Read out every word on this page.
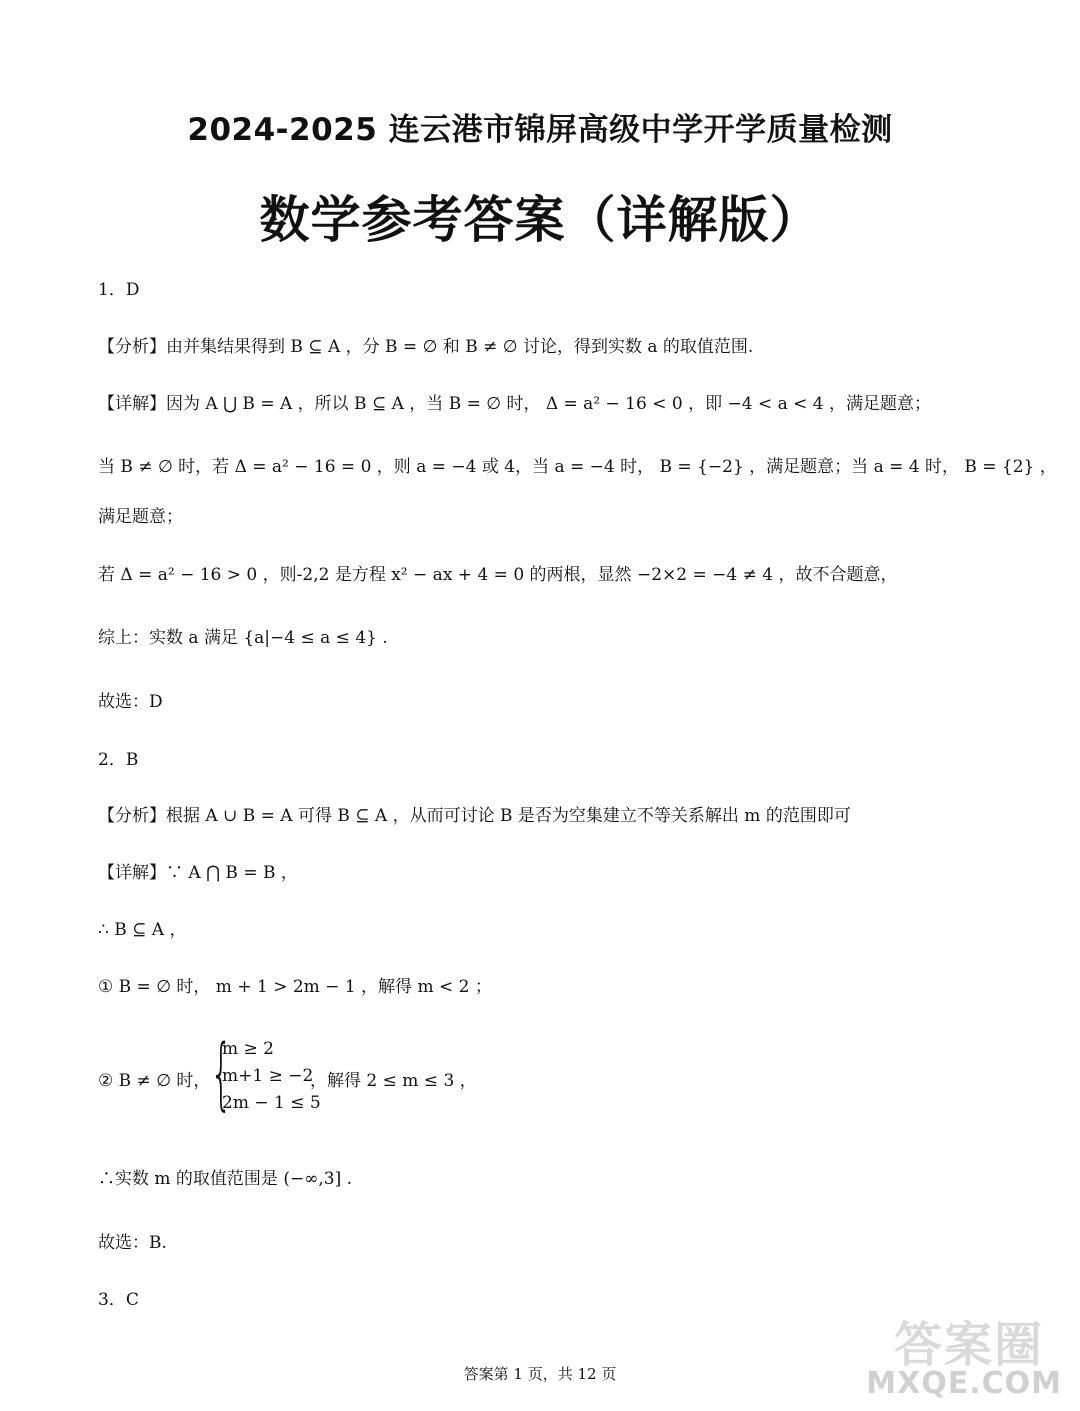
2024-2025 连云港市锦屏高级中学开学质量检测
数学参考答案（详解版）
1．D
【分析】由并集结果得到 B ⊆ A ，分 B = ∅ 和 B ≠ ∅ 讨论，得到实数 a 的取值范围.
【详解】因为 A ⋃ B = A ，所以 B ⊆ A ，当 B = ∅ 时， Δ = a² − 16 < 0 ，即 −4 < a < 4 ，满足题意；
当 B ≠ ∅ 时，若 Δ = a² − 16 = 0 ，则 a = −4 或 4，当 a = −4 时， B = {−2} ，满足题意；当 a = 4 时， B = {2} ，
满足题意；
若 Δ = a² − 16 > 0 ，则-2,2 是方程 x² − ax + 4 = 0 的两根，显然 −2×2 = −4 ≠ 4 ，故不合题意，
综上：实数 a 满足 {a|−4 ≤ a ≤ 4} .
故选：D
2．B
【分析】根据 A ∪ B = A 可得 B ⊆ A ，从而可讨论 B 是否为空集建立不等关系解出 m 的范围即可
【详解】∵ A ⋂ B = B ，
∴ B ⊆ A ，
① B = ∅ 时， m + 1 > 2m − 1 ，解得 m < 2 ；
② B ≠ ∅ 时， {
m ≥ 2
m+1 ≥ −2
2m − 1 ≤ 5
，解得 2 ≤ m ≤ 3 ，
∴实数 m 的取值范围是 (−∞,3] .
故选：B.
3．C
答案第 1 页，共 12 页
答案圈
MXQE.COM
